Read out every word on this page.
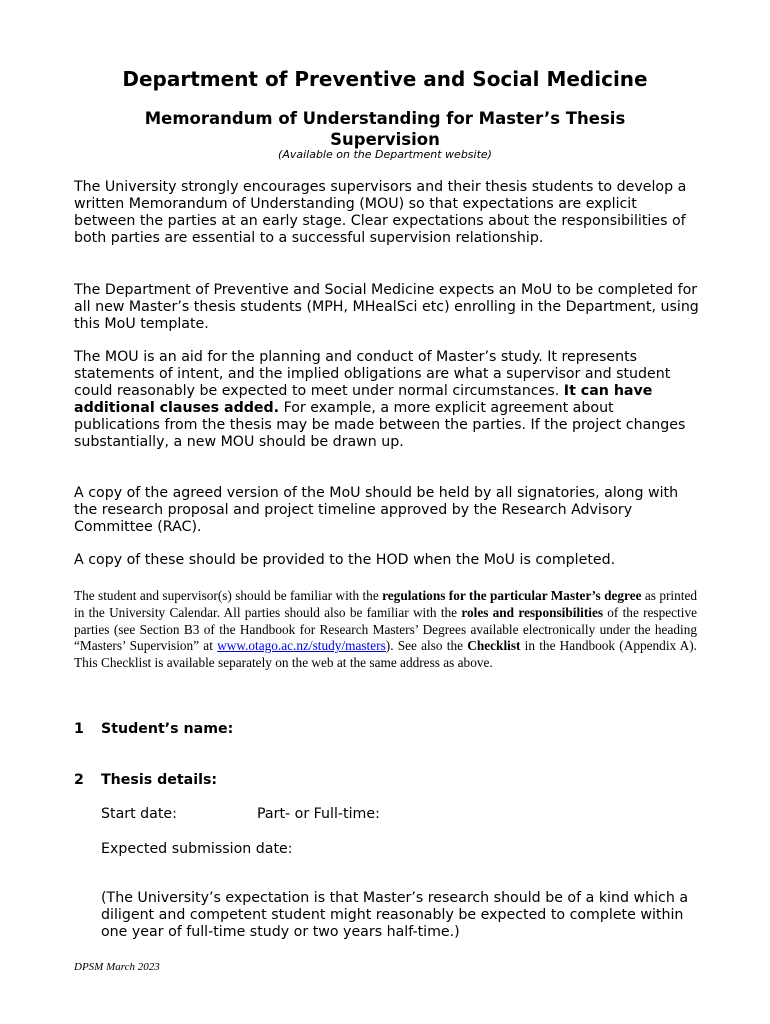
Department of Preventive and Social Medicine
Memorandum of Understanding for Master’s Thesis Supervision
(Available on the Department website)

The University strongly encourages supervisors and their thesis students to develop a written Memorandum of Understanding (MOU) so that expectations are explicit between the parties at an early stage. Clear expectations about the responsibilities of both parties are essential to a successful supervision relationship.

The Department of Preventive and Social Medicine expects an MoU to be completed for all new Master’s thesis students (MPH, MHealSci etc) enrolling in the Department, using this MoU template.

The MOU is an aid for the planning and conduct of Master’s study. It represents statements of intent, and the implied obligations are what a supervisor and student could reasonably be expected to meet under normal circumstances. It can have additional clauses added. For example, a more explicit agreement about publications from the thesis may be made between the parties. If the project changes substantially, a new MOU should be drawn up.

A copy of the agreed version of the MoU should be held by all signatories, along with the research proposal and project timeline approved by the Research Advisory Committee (RAC).

A copy of these should be provided to the HOD when the MoU is completed.

The student and supervisor(s) should be familiar with the regulations for the particular Master’s degree as printed in the University Calendar. All parties should also be familiar with the roles and responsibilities of the respective parties (see Section B3 of the Handbook for Research Masters’ Degrees available electronically under the heading “Masters’ Supervision” at www.otago.ac.nz/study/masters). See also the Checklist in the Handbook (Appendix A). This Checklist is available separately on the web at the same address as above.

1 Student’s name:
2 Thesis details:
Start date:	Part- or Full-time:
Expected submission date:

(The University’s expectation is that Master’s research should be of a kind which a diligent and competent student might reasonably be expected to complete within one year of full-time study or two years half-time.)

DPSM March 2023
